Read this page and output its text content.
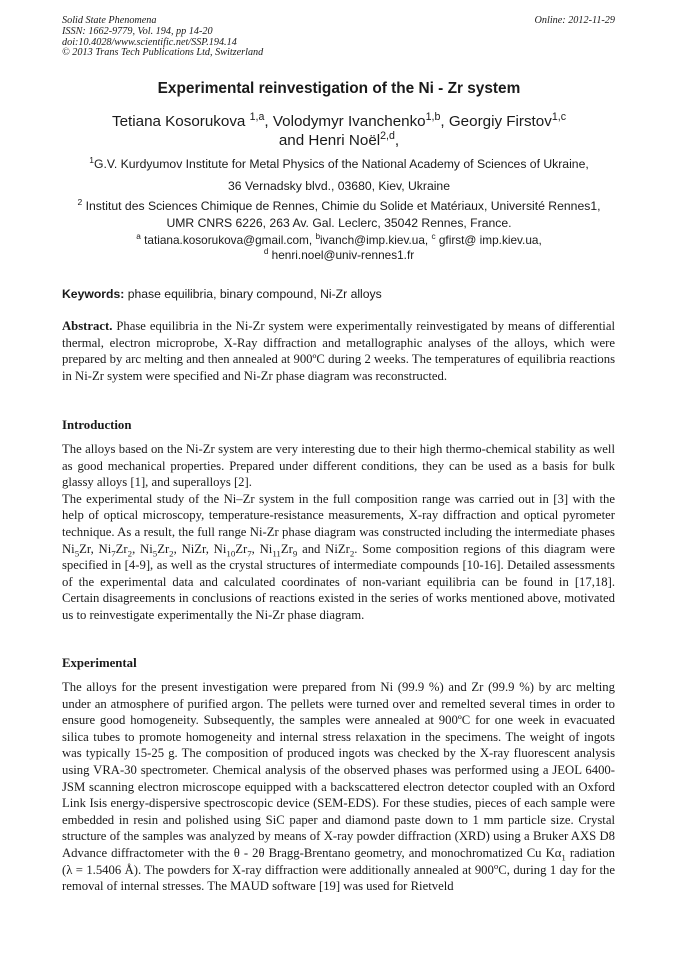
Solid State Phenomena
ISSN: 1662-9779, Vol. 194, pp 14-20
doi:10.4028/www.scientific.net/SSP.194.14
© 2013 Trans Tech Publications Ltd, Switzerland
Online: 2012-11-29
Experimental reinvestigation of the Ni - Zr system
Tetiana Kosorukova $^{1,a}$, Volodymyr Ivanchenko$^{1,b}$, Georgiy Firstov$^{1,c}$
and Henri Noël$^{2,d}$,
$^1$G.V. Kurdyumov Institute for Metal Physics of the National Academy of Sciences of Ukraine,
36 Vernadsky blvd., 03680, Kiev, Ukraine
$^2$ Institut des Sciences Chimique de Rennes, Chimie du Solide et Matériaux, Université Rennes1,
UMR CNRS 6226, 263 Av. Gal. Leclerc, 35042 Rennes, France.
$^a$ tatiana.kosorukova@gmail.com, $^b$ivanch@imp.kiev.ua, $^c$ gfirst@ imp.kiev.ua,
$^d$ henri.noel@univ-rennes1.fr
Keywords: phase equilibria, binary compound, Ni-Zr alloys

Abstract. Phase equilibria in the Ni-Zr system were experimentally reinvestigated by means of differential thermal, electron microprobe, X-Ray diffraction and metallographic analyses of the alloys, which were prepared by arc melting and then annealed at 900ºC during 2 weeks. The temperatures of equilibria reactions in Ni-Zr system were specified and Ni-Zr phase diagram was reconstructed.

Introduction

The alloys based on the Ni-Zr system are very interesting due to their high thermo-chemical stability as well as good mechanical properties. Prepared under different conditions, they can be used as a basis for bulk glassy alloys [1], and superalloys [2].

The experimental study of the Ni–Zr system in the full composition range was carried out in [3] with the help of optical microscopy, temperature-resistance measurements, X-ray diffraction and optical pyrometer technique. As a result, the full range Ni-Zr phase diagram was constructed including the intermediate phases $Ni_5Zr$, $Ni_7Zr_2$, $Ni_5Zr_2$, NiZr, $Ni_{10}Zr_7$, $Ni_{11}Zr_9$ and NiZr$_2$. Some composition regions of this diagram were specified in [4-9], as well as the crystal structures of intermediate compounds [10-16]. Detailed assessments of the experimental data and calculated coordinates of non-variant equilibria can be found in [17,18]. Certain disagreements in conclusions of reactions existed in the series of works mentioned above, motivated us to reinvestigate experimentally the Ni-Zr phase diagram.

Experimental

The alloys for the present investigation were prepared from Ni (99.9 %) and Zr (99.9 %) by arc melting under an atmosphere of purified argon. The pellets were turned over and remelted several times in order to ensure good homogeneity. Subsequently, the samples were annealed at 900ºC for one week in evacuated silica tubes to promote homogeneity and internal stress relaxation in the specimens. The weight of ingots was typically 15-25 g. The composition of produced ingots was checked by the X-ray fluorescent analysis using VRA-30 spectrometer. Chemical analysis of the observed phases was performed using a JEOL 6400-JSM scanning electron microscope equipped with a backscattered electron detector coupled with an Oxford Link Isis energy-dispersive spectroscopic device (SEM-EDS). For these studies, pieces of each sample were embedded in resin and polished using SiC paper and diamond paste down to 1 mm particle size. Crystal structure of the samples was analyzed by means of X-ray powder diffraction (XRD) using a Bruker AXS D8 Advance diffractometer with the θ - 2θ Bragg-Brentano geometry, and monochromatized Cu $K\alpha_1$ radiation (λ = 1.5406 Å). The powders for X-ray diffraction were additionally annealed at 900$^o$C, during 1 day for the removal of internal stresses. The MAUD software [19] was used for Rietveld
